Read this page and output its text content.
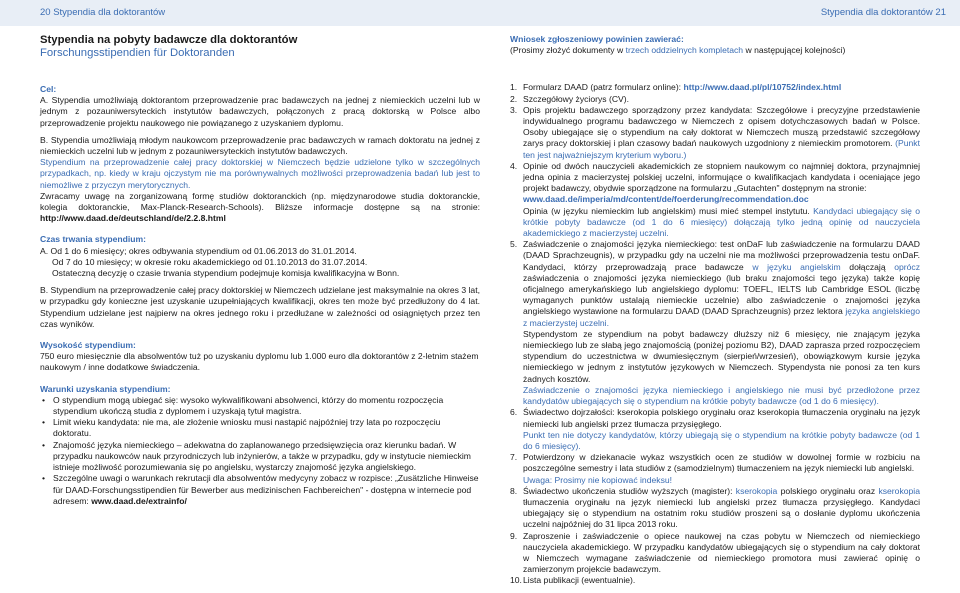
20 Stypendia dla doktorantów	Stypendia dla doktorantów 21
Stypendia na pobyty badawcze dla doktorantów

Forschungsstipendien für Doktoranden

Cel:

A. Stypendia umożliwiają doktorantom przeprowadzenie prac badawczych na jednej z niemieckich uczelni lub w jednym z pozauniwersyteckich instytutów badawczych, połączonych z pracą doktorską w Polsce albo przeprowadzenie projektu naukowego nie powiązanego z uzyskaniem dyplomu.

B. Stypendia umożliwiają młodym naukowcom przeprowadzenie prac badawczych w ramach doktoratu na jednej z niemieckich uczelni lub w jednym z pozauniwersyteckich instytutów badawczych.

Stypendium na przeprowadzenie całej pracy doktorskiej w Niemczech będzie udzielone tylko w szczególnych przypadkach, np. kiedy w kraju ojczystym nie ma porównywalnych możliwości przeprowadzenia badań lub jest to niemożliwe z przyczyn merytorycznych.

Zwracamy uwagę na zorganizowaną formę studiów doktoranckich (np. międzynarodowe studia doktoranckie, kolegia doktoranckie, Max-Planck-Research-Schools). Bliższe informacje dostępne są na stronie: http://www.daad.de/deutschland/de/2.2.8.html

Czas trwania stypendium:

A. Od 1 do 6 miesięcy; okres odbywania stypendium od 01.06.2013 do 31.01.2014.

Od 7 do 10 miesięcy; w okresie roku akademickiego od 01.10.2013 do 31.07.2014.

Ostateczną decyzję o czasie trwania stypendium podejmuje komisja kwalifikacyjna w Bonn.

B. Stypendium na przeprowadzenie całej pracy doktorskiej w Niemczech udzielane jest maksymalnie na okres 3 lat, w przypadku gdy konieczne jest uzyskanie uzupełniających kwalifikacji, okres ten może być przedłużony do 4 lat. Stypendium udzielane jest najpierw na okres jednego roku i przedłużane w zależności od osiągniętych przez ten czas wyników.

Wysokość stypendium:

750 euro miesięcznie dla absolwentów tuż po uzyskaniu dyplomu lub 1.000 euro dla doktorantów z 2-letnim stażem naukowym / inne dodatkowe świadczenia.

Warunki uzyskania stypendium:

• O stypendium mogą ubiegać się: wysoko wykwalifikowani absolwenci, którzy do momentu rozpoczęcia stypendium ukończą studia z dyplomem i uzyskają tytuł magistra.
• Limit wieku kandydata: nie ma, ale złożenie wniosku musi nastąpić najpóźniej trzy lata po rozpoczęciu doktoratu.
• Znajomość języka niemieckiego – adekwatna do zaplanowanego przedsięwzięcia oraz kierunku badań. W przypadku naukowców nauk przyrodniczych lub inżynierów, a także w przypadku, gdy w instytucie niemieckim istnieje możliwość porozumiewania się po angielsku, wystarczy znajomość języka angielskiego.
• Szczególne uwagi o warunkach rekrutacji dla absolwentów medycyny zobacz w rozpisce: „Zusätzliche Hinweise für DAAD-Forschungsstipendien für Bewerber aus medizinischen Fachbereichen" - dostępna w internecie pod adresem: www.daad.de/extrainfo/

Wniosek zgłoszeniowy powinien zawierać:

(Prosimy złożyć dokumenty w trzech oddzielnych kompletach w następującej kolejności)

1. Formularz DAAD (patrz formularz online): http://www.daad.pl/pl/10752/index.html
2. Szczegółowy życiorys (CV).
3. Opis projektu badawczego sporządzony przez kandydata: Szczegółowe i precyzyjne przedstawienie indywidualnego programu badawczego w Niemczech z opisem dotychczasowych badań w Polsce. Osoby ubiegające się o stypendium na cały doktorat w Niemczech muszą przedstawić szczegółowy zarys pracy doktorskiej i plan czasowy badań naukowych uzgodniony z niemieckim promotorem. (Punkt ten jest najważniejszym kryterium wyboru.)
4. Opinie od dwóch nauczycieli akademickich ze stopniem naukowym co najmniej doktora, przynajmniej jedna opinia z macierzystej polskiej uczelni, informujące o kwalifikacjach kandydata i oceniające jego projekt badawczy, obydwie sporządzone na formularzu „Gutachten" dostępnym na stronie:
www.daad.de/imperia/md/content/de/foerderung/recommendation.doc
Opinia (w języku niemieckim lub angielskim) musi mieć stempel instytutu. Kandydaci ubiegający się o krótkie pobyty badawcze (od 1 do 6 miesięcy) dołączają tylko jedną opinię od nauczyciela akademickiego z macierzystej uczelni.
5. Zaświadczenie o znajomości języka niemieckiego: test onDaF lub zaświadczenie na formularzu DAAD (DAAD Sprachzeugnis), w przypadku gdy na uczelni nie ma możliwości przeprowadzenia testu onDaF. Kandydaci, którzy przeprowadzają prace badawcze w języku angielskim dołączają oprócz zaświadczenia o znajomości języka niemieckiego (lub braku znajomości tego języka) także kopię oficjalnego amerykańskiego lub angielskiego dyplomu: TOEFL, IELTS lub Cambridge ESOL (liczbę wymaganych punktów ustalają niemieckie uczelnie) albo zaświadczenie o znajomości języka angielskiego wystawione na formularzu DAAD (DAAD Sprachzeugnis) przez lektora języka angielskiego z macierzystej uczelni.
Stypendystom ze stypendium na pobyt badawczy dłuższy niż 6 miesięcy, nie znającym języka niemieckiego lub ze słabą jego znajomością (poniżej poziomu B2), DAAD zaprasza przed rozpoczęciem stypendium do uczestnictwa w dwumiesięcznym (sierpień/wrzesień), obowiązkowym kursie języka niemieckiego w jednym z instytutów językowych w Niemczech. Stypendysta nie ponosi za ten kurs żadnych kosztów.
Zaświadczenie o znajomości języka niemieckiego i angielskiego nie musi być przedłożone przez kandydatów ubiegających się o stypendium na krótkie pobyty badawcze (od 1 do 6 miesięcy).
6. Świadectwo dojrzałości: kserokopia polskiego oryginału oraz kserokopia tłumaczenia oryginału na język niemiecki lub angielski przez tłumacza przysięgłego.
Punkt ten nie dotyczy kandydatów, którzy ubiegają się o stypendium na krótkie pobyty badawcze (od 1 do 6 miesięcy).
7. Potwierdzony w dziekanacie wykaz wszystkich ocen ze studiów w dowolnej formie w rozbiciu na poszczególne semestry i lata studiów z (samodzielnym) tłumaczeniem na język niemiecki lub angielski.
Uwaga: Prosimy nie kopiować indeksu!
8. Świadectwo ukończenia studiów wyższych (magister): kserokopia polskiego oryginału oraz kserokopia tłumaczenia oryginału na język niemiecki lub angielski przez tłumacza przysięgłego. Kandydaci ubiegający się o stypendium na ostatnim roku studiów proszeni są o dosłanie dyplomu ukończenia uczelni najpóźniej do 31 lipca 2013 roku.
9. Zaproszenie i zaświadczenie o opiece naukowej na czas pobytu w Niemczech od niemieckiego nauczyciela akademickiego. W przypadku kandydatów ubiegających się o stypendium na cały doktorat w Niemczech wymagane zaświadczenie od niemieckiego promotora musi zawierać opinię o zamierzonym projekcie badawczym.
10. Lista publikacji (ewentualnie).
